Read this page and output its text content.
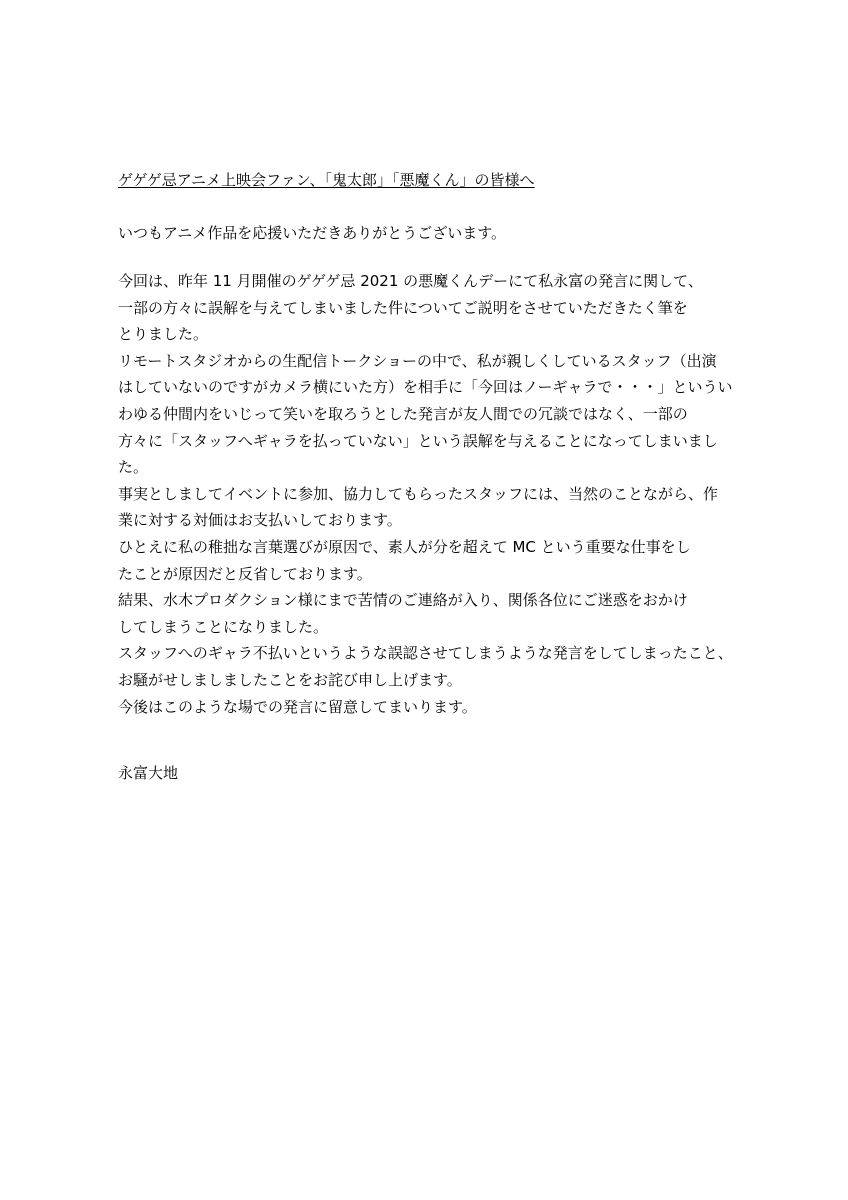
ゲゲゲ忌アニメ上映会ファン、「鬼太郎」「悪魔くん」の皆様へ

いつもアニメ作品を応援いただきありがとうございます。

今回は、昨年 11 月開催のゲゲゲ忌 2021 の悪魔くんデーにて私永富の発言に関して、
一部の方々に誤解を与えてしまいました件についてご説明をさせていただきたく筆を
とりました。
リモートスタジオからの生配信トークショーの中で、私が親しくしているスタッフ（出演
はしていないのですがカメラ横にいた方）を相手に「今回はノーギャラで・・・」というい
わゆる仲間内をいじって笑いを取ろうとした発言が友人間での冗談ではなく、一部の
方々に「スタッフへギャラを払っていない」という誤解を与えることになってしまいまし
た。
事実としましてイベントに参加、協力してもらったスタッフには、当然のことながら、作
業に対する対価はお支払いしております。
ひとえに私の稚拙な言葉選びが原因で、素人が分を超えて MC という重要な仕事をし
たことが原因だと反省しております。
結果、水木プロダクション様にまで苦情のご連絡が入り、関係各位にご迷惑をおかけ
してしまうことになりました。
スタッフへのギャラ不払いというような誤認させてしまうような発言をしてしまったこと、
お騒がせしましましたことをお詫び申し上げます。
今後はこのような場での発言に留意してまいります。

永富大地
